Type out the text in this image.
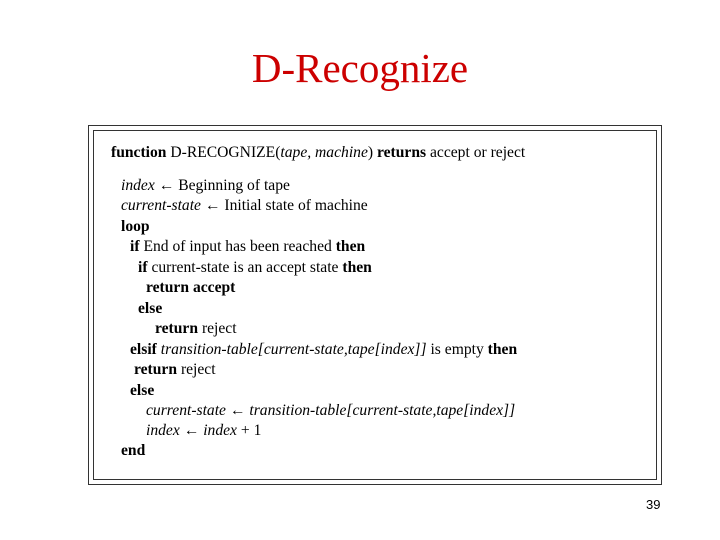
D-Recognize
function D-RECOGNIZE(tape, machine) returns accept or reject
index ← Beginning of tape
current-state ← Initial state of machine
loop
if End of input has been reached then
if current-state is an accept state then
return accept
else
return reject
elsif transition-table[current-state,tape[index]] is empty then
return reject
else
current-state ← transition-table[current-state,tape[index]]
index ← index + 1
end
39
